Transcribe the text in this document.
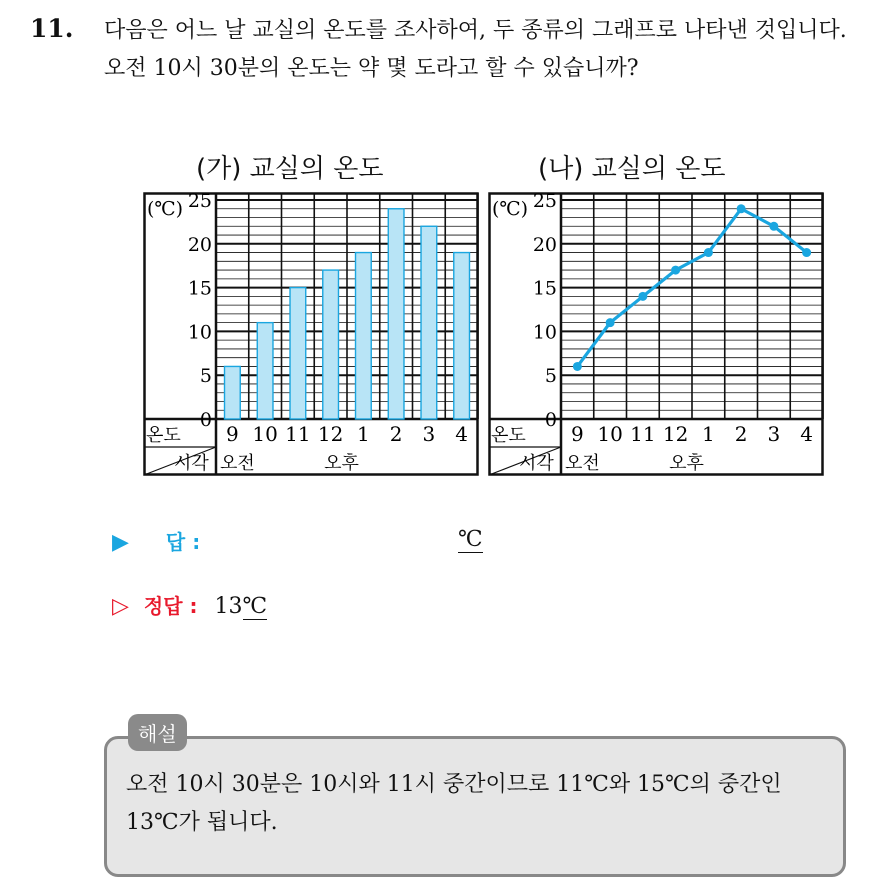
11. 다음은 어느 날 교실의 온도를 조사하여, 두 종류의 그래프로 나타낸 것입니다. 오전 10시 30분의 온도는 약 몇 도라고 할 수 있습니까?
(가) 교실의 온도	(나) 교실의 온도
(℃)
0
5
10
15
20
25
온도
시각
9 10 11 12 1 2 3 4
오전	오후
(℃)
0
5
10
15
20
25
온도
시각
9 10 11 12 1 2 3 4
오전	오후
▶ 답 :	℃
▷ 정답 : 13℃
해설
오전 10시 30분은 10시와 11시 중간이므로 11℃와 15℃의 중간인 13℃가 됩니다.
